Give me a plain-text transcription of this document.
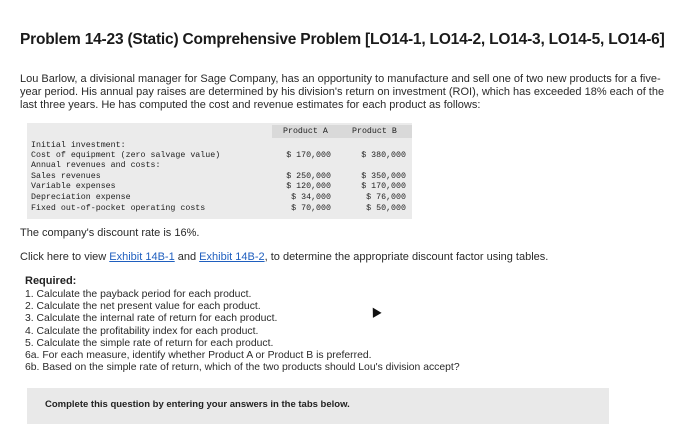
Problem 14-23 (Static) Comprehensive Problem [LO14-1, LO14-2, LO14-3, LO14-5, LO14-6]
Lou Barlow, a divisional manager for Sage Company, has an opportunity to manufacture and sell one of two new products for a five-year period. His annual pay raises are determined by his division's return on investment (ROI), which has exceeded 18% each of the last three years. He has computed the cost and revenue estimates for each product as follows:
Product A	Product B
Initial investment:
Cost of equipment (zero salvage value)	$ 170,000	$ 380,000
Annual revenues and costs:
Sales revenues	$ 250,000	$ 350,000
Variable expenses	$ 120,000	$ 170,000
Depreciation expense	$ 34,000	$ 76,000
Fixed out-of-pocket operating costs	$ 70,000	$ 50,000
The company's discount rate is 16%.
Click here to view Exhibit 14B-1 and Exhibit 14B-2, to determine the appropriate discount factor using tables.
Required:
1. Calculate the payback period for each product.
2. Calculate the net present value for each product.
3. Calculate the internal rate of return for each product.
4. Calculate the profitability index for each product.
5. Calculate the simple rate of return for each product.
6a. For each measure, identify whether Product A or Product B is preferred.
6b. Based on the simple rate of return, which of the two products should Lou's division accept?
Complete this question by entering your answers in the tabs below.
